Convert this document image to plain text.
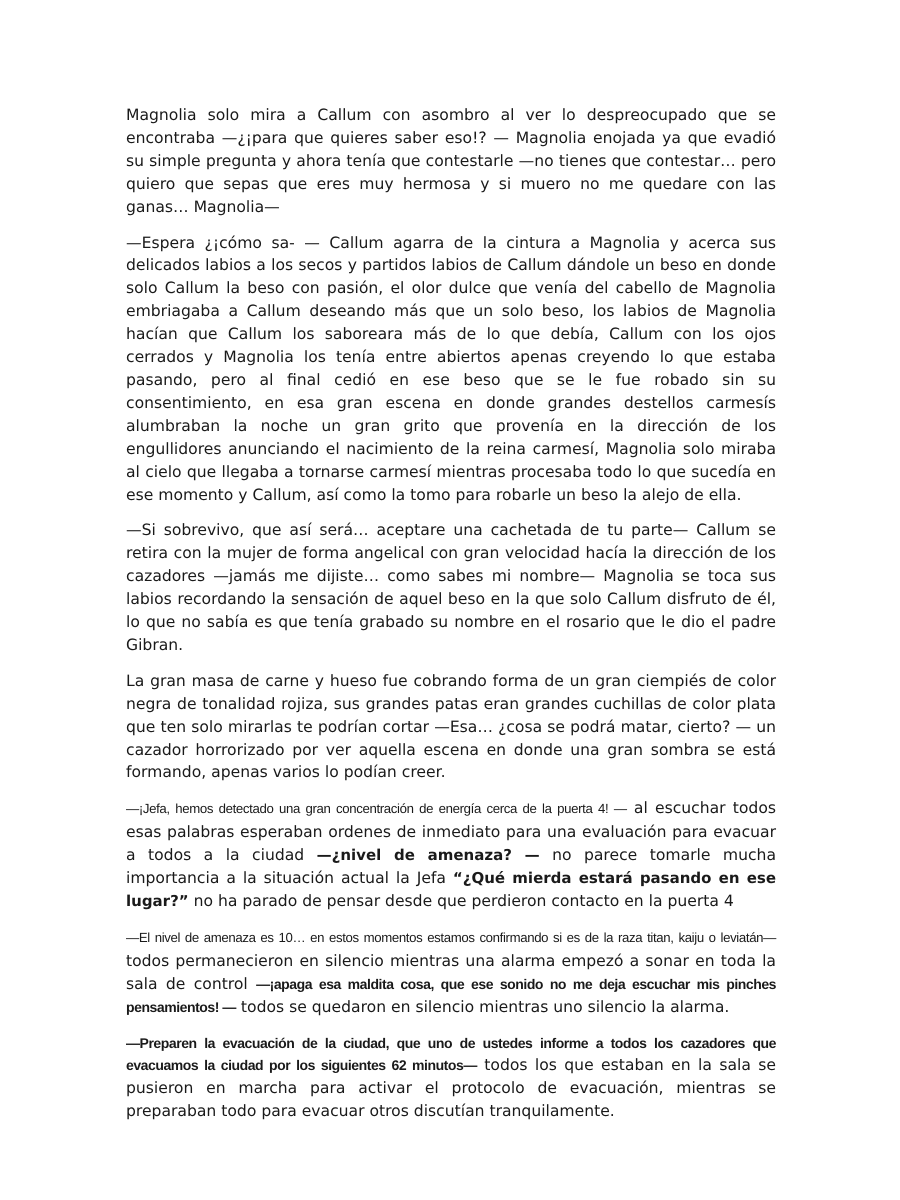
Magnolia solo mira a Callum con asombro al ver lo despreocupado que se encontraba —¿¡para que quieres saber eso!? — Magnolia enojada ya que evadió su simple pregunta y ahora tenía que contestarle —no tienes que contestar… pero quiero que sepas que eres muy hermosa y si muero no me quedare con las ganas… Magnolia—

—Espera ¿¡cómo sa- — Callum agarra de la cintura a Magnolia y acerca sus delicados labios a los secos y partidos labios de Callum dándole un beso en donde solo Callum la beso con pasión, el olor dulce que venía del cabello de Magnolia embriagaba a Callum deseando más que un solo beso, los labios de Magnolia hacían que Callum los saboreara más de lo que debía, Callum con los ojos cerrados y Magnolia los tenía entre abiertos apenas creyendo lo que estaba pasando, pero al final cedió en ese beso que se le fue robado sin su consentimiento, en esa gran escena en donde grandes destellos carmesís alumbraban la noche un gran grito que provenía en la dirección de los engullidores anunciando el nacimiento de la reina carmesí, Magnolia solo miraba al cielo que llegaba a tornarse carmesí mientras procesaba todo lo que sucedía en ese momento y Callum, así como la tomo para robarle un beso la alejo de ella.

—Si sobrevivo, que así será… aceptare una cachetada de tu parte— Callum se retira con la mujer de forma angelical con gran velocidad hacía la dirección de los cazadores —jamás me dijiste… como sabes mi nombre— Magnolia se toca sus labios recordando la sensación de aquel beso en la que solo Callum disfruto de él, lo que no sabía es que tenía grabado su nombre en el rosario que le dio el padre Gibran.

La gran masa de carne y hueso fue cobrando forma de un gran ciempiés de color negra de tonalidad rojiza, sus grandes patas eran grandes cuchillas de color plata que ten solo mirarlas te podrían cortar —Esa… ¿cosa se podrá matar, cierto? — un cazador horrorizado por ver aquella escena en donde una gran sombra se está formando, apenas varios lo podían creer.

—¡Jefa, hemos detectado una gran concentración de energía cerca de la puerta 4! — al escuchar todos esas palabras esperaban ordenes de inmediato para una evaluación para evacuar a todos a la ciudad —¿nivel de amenaza? — no parece tomarle mucha importancia a la situación actual la Jefa “¿Qué mierda estará pasando en ese lugar?” no ha parado de pensar desde que perdieron contacto en la puerta 4

—El nivel de amenaza es 10… en estos momentos estamos confirmando si es de la raza titan, kaiju o leviatán— todos permanecieron en silencio mientras una alarma empezó a sonar en toda la sala de control —¡apaga esa maldita cosa, que ese sonido no me deja escuchar mis pinches pensamientos! — todos se quedaron en silencio mientras uno silencio la alarma.

—Preparen la evacuación de la ciudad, que uno de ustedes informe a todos los cazadores que evacuamos la ciudad por los siguientes 62 minutos— todos los que estaban en la sala se pusieron en marcha para activar el protocolo de evacuación, mientras se preparaban todo para evacuar otros discutían tranquilamente.
